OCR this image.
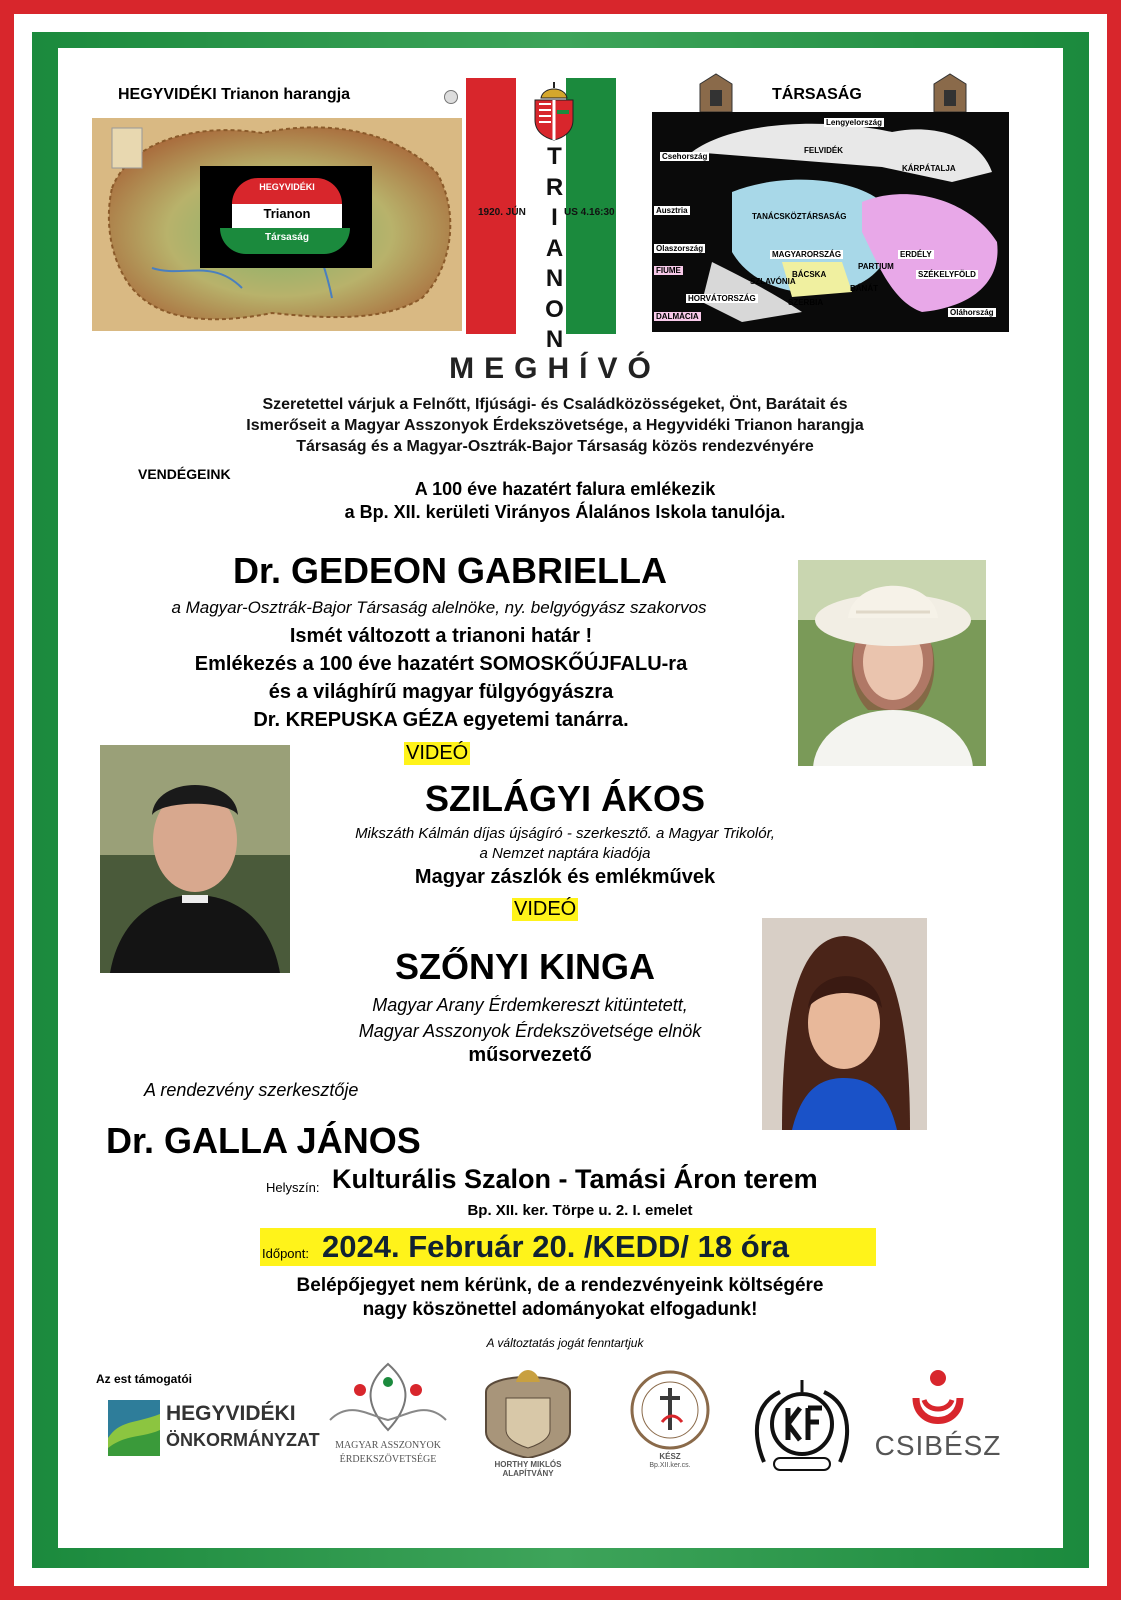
HEGYVIDÉKI Trianon harangja	TÁRSASÁG
HEGYVIDÉKI
Trianon
Társaság
T
R
I
A
N
O
N
1920. JÚN	US 4.16:30
Lengyelország
Csehország
FELVIDÉK
KÁRPÁTALJA
Ausztria
TANÁCSKÖZTÁRSASÁG
MAGYARORSZÁG
PARTIUM
ERDÉLY
SZÉKELYFÖLD
BÁCSKA
BÁNÁT
SZLAVÓNIA
FIUME
HORVÁTORSZÁG	SZERBIA
DALMÁCIA
Olaszország
Oláhország
MEGHÍVÓ
Szeretettel várjuk a Felnőtt, Ifjúsági- és Családközösségeket, Önt, Barátait és
Ismerőseit a Magyar Asszonyok Érdekszövetsége, a Hegyvidéki Trianon harangja
Társaság és a Magyar-Osztrák-Bajor Társaság közös rendezvényére
VENDÉGEINK
A 100 éve hazatért falura emlékezik
a Bp. XII. kerületi Virányos Álalános Iskola tanulója.
Dr. GEDEON GABRIELLA
a Magyar-Osztrák-Bajor Társaság alelnöke, ny. belgyógyász szakorvos
Ismét változott a trianoni határ !
Emlékezés a 100 éve hazatért SOMOSKŐÚJFALU-ra
és a világhírű magyar fülgyógyászra
Dr. KREPUSKA GÉZA egyetemi tanárra.
VIDEÓ
SZILÁGYI ÁKOS
Mikszáth Kálmán díjas újságíró - szerkesztő. a Magyar Trikolór,
a Nemzet naptára kiadója
Magyar zászlók és emlékművek
VIDEÓ
SZŐNYI KINGA
Magyar Arany Érdemkereszt kitüntetett,
Magyar Asszonyok Érdekszövetsége elnök
műsorvezető
A rendezvény szerkesztője
Dr. GALLA JÁNOS
Helyszín: Kulturális Szalon - Tamási Áron terem
Bp. XII. ker. Törpe u. 2. I. emelet
Időpont: 2024. Február 20. /KEDD/ 18 óra
Belépőjegyet nem kérünk, de a rendezvényeink költségére
nagy köszönettel adományokat elfogadunk!
A változtatás jogát fenntartjuk
Az est támogatói
HEGYVIDÉKI
ÖNKORMÁNYZAT	MAGYAR ASSZONYOK
ÉRDEKSZÖVETSÉGE	HORTHY MIKLÓS
ALAPÍTVÁNY
KÉSZ
Bp.XII.ker.cs.
CSIBÉSZ
